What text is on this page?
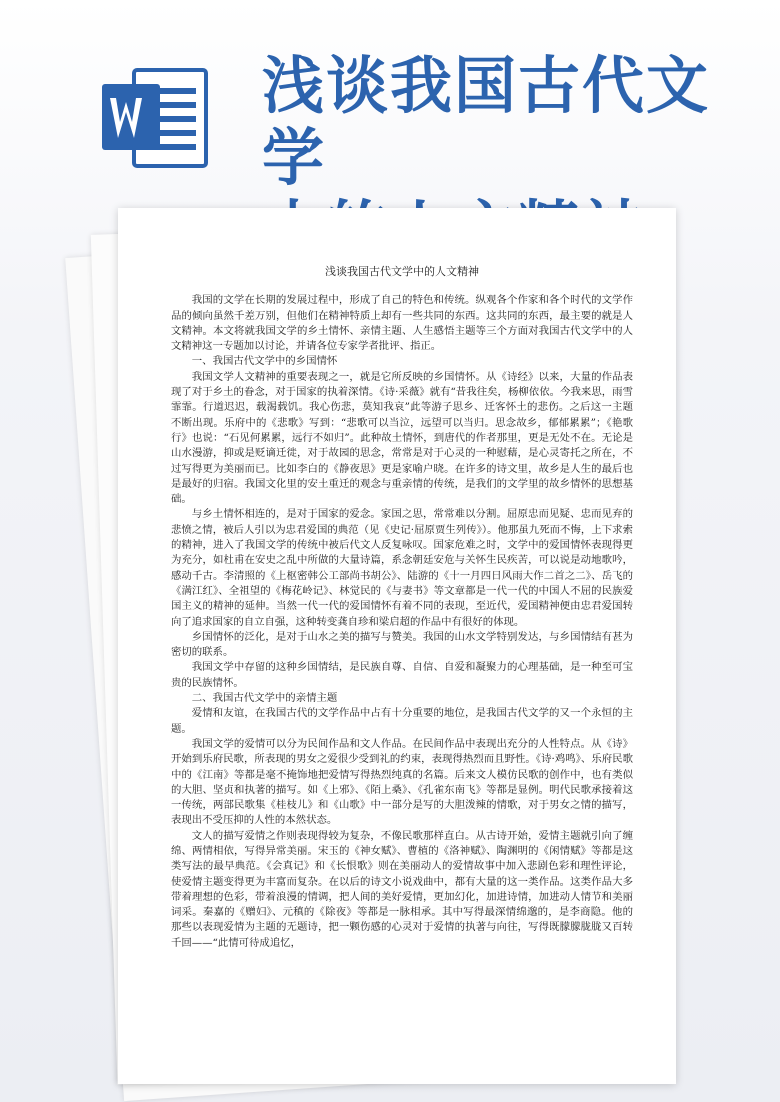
浅谈我国古代文学

浅谈我国古代文学中的人文精神

我国的文学在长期的发展过程中，形成了自己的特色和传统。纵观各个作家和各个时代的文学作品的倾向虽然千差万别，但他们在精神特质上却有一些共同的东西。这共同的东西，最主要的就是人文精神。本文将就我国文学的乡土情怀、亲情主题、人生感悟主题等三个方面对我国古代文学中的人文精神这一专题加以讨论，并请各位专家学者批评、指正。

一、我国古代文学中的乡国情怀

我国文学人文精神的重要表现之一，就是它所反映的乡国情怀。从《诗经》以来，大量的作品表现了对于乡土的眷念，对于国家的执着深情。《诗·采薇》就有“昔我往矣，杨柳依依。今我来思，雨雪霏霏。行道迟迟，载渴载饥。我心伤悲，莫知我哀”此等游子思乡、迁客怀土的悲伤。之后这一主题不断出现。乐府中的《悲歌》写到：“悲歌可以当泣，远望可以当归。思念故乡，郁郁累累”；《艳歌行》也说：“石见何累累，远行不如归”。此种故土情怀，到唐代的作者那里，更是无处不在。无论是山水漫游，抑或是贬谪迁徙，对于故园的思念，常常是对于心灵的一种慰藉，是心灵寄托之所在，不过写得更为美丽而已。比如李白的《静夜思》更是家喻户晓。在许多的诗文里，故乡是人生的最后也是最好的归宿。我国文化里的安土重迁的观念与重亲情的传统，是我们的文学里的故乡情怀的思想基础。

与乡土情怀相连的，是对于国家的爱念。家国之思，常常难以分割。屈原忠而见疑、忠而见弃的悲愤之情，被后人引以为忠君爱国的典范（见《史记·屈原贾生列传》）。他那虽九死而不悔，上下求索的精神，进入了我国文学的传统中被后代文人反复咏叹。国家危难之时，文学中的爱国情怀表现得更为充分，如杜甫在安史之乱中所做的大量诗篇，系念朝廷安危与关怀生民疾苦，可以说是动地歌吟，感动千古。李清照的《上枢密韩公工部尚书胡公》、陆游的《十一月四日风雨大作二首之二》、岳飞的《满江红》、全祖望的《梅花岭记》、林觉民的《与妻书》等文章都是一代一代的中国人不屈的民族爱国主义的精神的延伸。当然一代一代的爱国情怀有着不同的表现，至近代，爱国精神便由忠君爱国转向了追求国家的自立自强，这种转变龚自珍和梁启超的作品中有很好的体现。

乡国情怀的泛化，是对于山水之美的描写与赞美。我国的山水文学特别发达，与乡国情结有甚为密切的联系。

我国文学中存留的这种乡国情结，是民族自尊、自信、自爱和凝聚力的心理基础，是一种至可宝贵的民族情怀。

二、我国古代文学中的亲情主题

爱情和友谊，在我国古代的文学作品中占有十分重要的地位，是我国古代文学的又一个永恒的主题。

我国文学的爱情可以分为民间作品和文人作品。在民间作品中表现出充分的人性特点。从《诗》开始到乐府民歌，所表现的男女之爱很少受到礼的约束，表现得热烈而且野性。《诗·鸡鸣》、乐府民歌中的《江南》等都是毫不掩饰地把爱情写得热烈纯真的名篇。后来文人模仿民歌的创作中，也有类似的大胆、坚贞和执著的描写。如《上邪》、《陌上桑》、《孔雀东南飞》等都是显例。明代民歌承接着这一传统，两部民歌集《桂枝儿》和《山歌》中一部分是写的大胆泼辣的情歌，对于男女之情的描写，表现出不受压抑的人性的本然状态。

文人的描写爱情之作则表现得较为复杂，不像民歌那样直白。从古诗开始，爱情主题就引向了缠绵、两情相依，写得异常美丽。宋玉的《神女赋》、曹植的《洛神赋》、陶渊明的《闲情赋》等都是这类写法的最早典范。《会真记》和《长恨歌》则在美丽动人的爱情故事中加入悲剧色彩和理性评论，使爱情主题变得更为丰富而复杂。在以后的诗文小说戏曲中，都有大量的这一类作品。这类作品大多带着理想的色彩，带着浪漫的情调，把人间的美好爱情，更加幻化，加进诗情，加进动人情节和美丽词采。秦嘉的《赠妇》、元稹的《除夜》等都是一脉相承。其中写得最深情绵邈的，是李商隐。他的那些以表现爱情为主题的无题诗，把一颗伤感的心灵对于爱情的执著与向往，写得既朦朦胧胧又百转千回——“此情可待成追忆，
